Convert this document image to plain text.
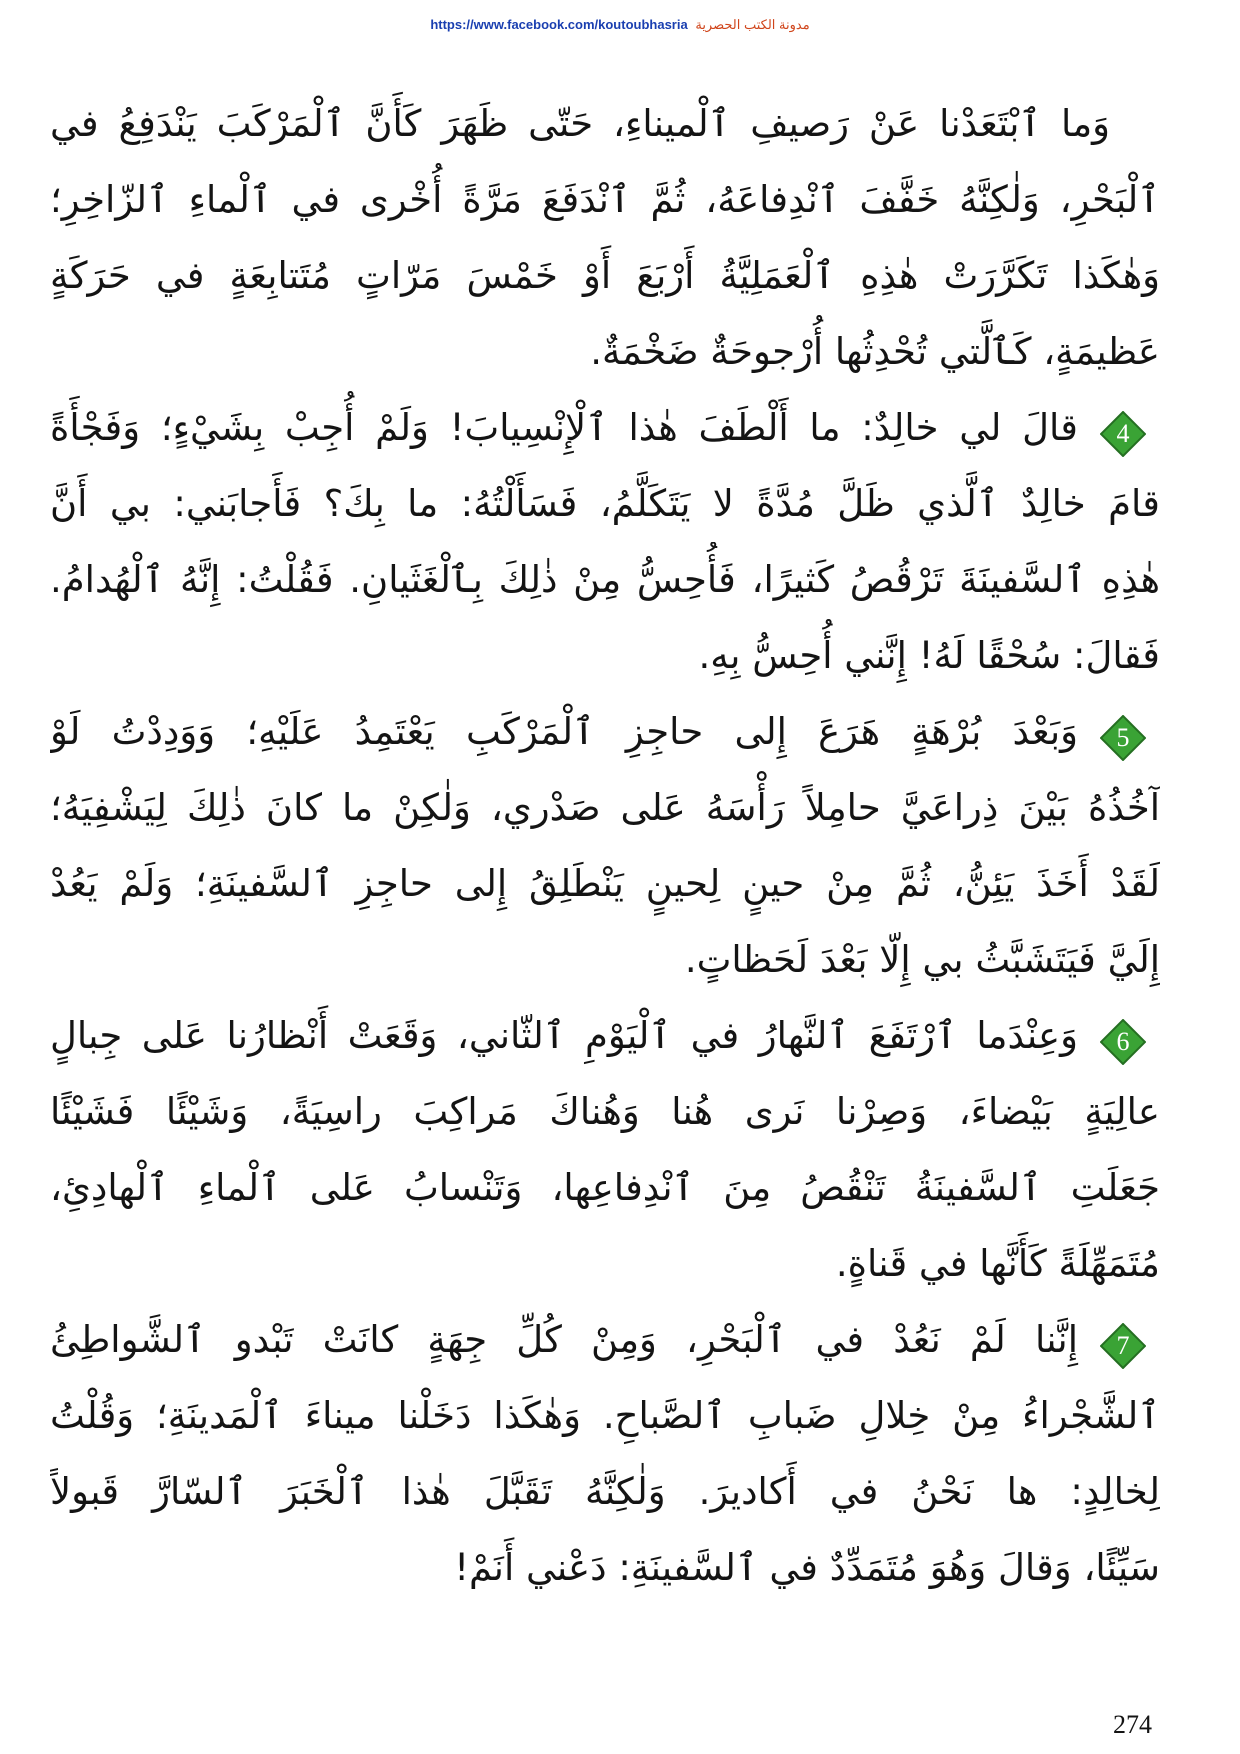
https://www.facebook.com/koutoubhasria مدونة الكتب الحصرية
وَما ٱبْتَعَدْنا عَنْ رَصيفِ ٱلْميناءِ، حَتّى ظَهَرَ كَأَنَّ ٱلْمَرْكَبَ يَنْدَفِعُ في
ٱلْبَحْرِ، وَلٰكِنَّهُ خَفَّفَ ٱنْدِفاعَهُ، ثُمَّ ٱنْدَفَعَ مَرَّةً أُخْرى في ٱلْماءِ ٱلزّاخِرِ؛
وَهٰكَذا تَكَرَّرَتْ هٰذِهِ ٱلْعَمَلِيَّةُ أَرْبَعَ أَوْ خَمْسَ مَرّاتٍ مُتَتابِعَةٍ في حَرَكَةٍ
عَظيمَةٍ، كَٱلَّتي تُحْدِثُها أُرْجوحَةٌ ضَخْمَةٌ.
4
قالَ لي خالِدٌ: ما أَلْطَفَ هٰذا ٱلْإِنْسِيابَ! وَلَمْ أُجِبْ بِشَيْءٍ؛ وَفَجْأَةً
قامَ خالِدٌ ٱلَّذي ظَلَّ مُدَّةً لا يَتَكَلَّمُ، فَسَأَلْتُهُ: ما بِكَ؟ فَأَجابَني: بي أَنَّ
هٰذِهِ ٱلسَّفينَةَ تَرْقُصُ كَثيرًا، فَأُحِسُّ مِنْ ذٰلِكَ بِٱلْغَثَيانِ. فَقُلْتُ: إِنَّهُ ٱلْهُدامُ.
فَقالَ: سُحْقًا لَهُ! إِنَّني أُحِسُّ بِهِ.
5
وَبَعْدَ بُرْهَةٍ هَرَعَ إِلى حاجِزِ ٱلْمَرْكَبِ يَعْتَمِدُ عَلَيْهِ؛ وَوَدِدْتُ لَوْ
آخُذُهُ بَيْنَ ذِراعَيَّ حامِلاً رَأْسَهُ عَلى صَدْري، وَلٰكِنْ ما كانَ ذٰلِكَ لِيَشْفِيَهُ؛
لَقَدْ أَخَذَ يَئِنُّ، ثُمَّ مِنْ حينٍ لِحينٍ يَنْطَلِقُ إِلى حاجِزِ ٱلسَّفينَةِ؛ وَلَمْ يَعُدْ
إِلَيَّ فَيَتَشَبَّثُ بي إِلّا بَعْدَ لَحَظاتٍ.
6
وَعِنْدَما ٱرْتَفَعَ ٱلنَّهارُ في ٱلْيَوْمِ ٱلثّاني، وَقَعَتْ أَنْظارُنا عَلى جِبالٍ
عالِيَةٍ بَيْضاءَ، وَصِرْنا نَرى هُنا وَهُناكَ مَراكِبَ راسِيَةً، وَشَيْئًا فَشَيْئًا
جَعَلَتِ ٱلسَّفينَةُ تَنْقُصُ مِنَ ٱنْدِفاعِها، وَتَنْسابُ عَلى ٱلْماءِ ٱلْهادِئِ،
مُتَمَهِّلَةً كَأَنَّها في قَناةٍ.
7
إِنَّنا لَمْ نَعُدْ في ٱلْبَحْرِ، وَمِنْ كُلِّ جِهَةٍ كانَتْ تَبْدو ٱلشَّواطِئُ
ٱلشَّجْراءُ مِنْ خِلالِ ضَبابِ ٱلصَّباحِ. وَهٰكَذا دَخَلْنا ميناءَ ٱلْمَدينَةِ؛ وَقُلْتُ
لِخالِدٍ: ها نَحْنُ في أَكاديرَ. وَلٰكِنَّهُ تَقَبَّلَ هٰذا ٱلْخَبَرَ ٱلسّارَّ قَبولاً
سَيِّئًا، وَقالَ وَهُوَ مُتَمَدِّدٌ في ٱلسَّفينَةِ: دَعْني أَنَمْ!
274
